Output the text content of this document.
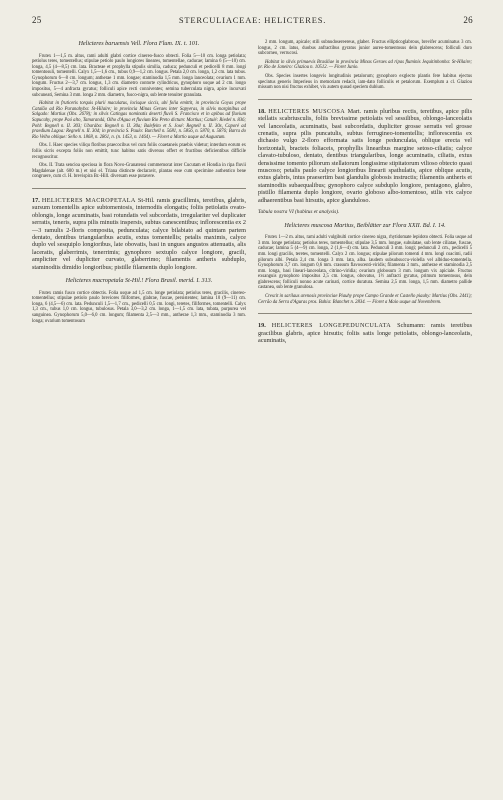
25	STERCULIACEAE: HELICTERES.	26

Helicteres baruensis Vell. Flora Flum. IX. t. 101.

Frutex 1—1,5 m. altus, rami adulti glabri cortice cinereo-fusco obtecti. Folia 5—10 cm. longa petiolata; petiolus teres, tomentellus; stipulae petiolo paulo longiores lineares, tomentellae, caducae; lamina 6 (5—10) cm. longa, 4,5 (4—8,5) cm. lata. Bracteae et prophylla stipulis similia, caduca; pedunculi et pedicelli 8 mm. longi tomentosuli, tomentelli. Calyx 1,5—1,6 cm., tubus 0,9—1,2 cm. longus. Petala 2,0 cm. longa, 1,2 cm. lata tubus. Gynophorum 6—8 cm. longum; antherae 1 mm. longae; staminodia 1,5 mm. longa lanceolata; ovarium 1 mm. longum. Fructus 2—3,7 cm. longus, 1,3 cm. diametro contorte cylindricus, gynophoro usque ad 2 cm. longo impositus, 5—4 anfracta gyratus; folliculi apice recti conniventes; semina tuberculata nigra, apice incurvati subcuneati, Semina 3 mm. longa 2 mm. diametro, fusco-nigra, sub lente tenuiter granulata.

Habitat in fruticetis torquis plurii maculatus, locisque siccis, ubi folia emittit, in provincia Goyas prope Catalão ad Rio Paranahyba: St-Hilaire; in provincia Minas Geraes inter Sapyeras, in silvis marginibus ad Salgado: Martius (Obs. 2678); in silvis Catingas nominatis deserti fluvii S. Francisco et in apibus ad fluvium Sapucahy, prope Paó alto, Tamarandá, Olho d'Agua et fluvium Rio Preto dictum: Martius; Catulé: Riedel n. 836; Pohl: Regnell n. II. 303; Ubarába: Regnell n. II. 30a; Balefeito et S. José: Regnell n. II. 30x, Caporé ad praedium Lagoa: Regnell n. II. 30d; in provincia S. Paulo: Burchell n. 5681, n. 5856, n. 5870, n. 5876; Barra do Rio Velho oblique: Sello n. 1868, n. 2861, n. (n. 1453, n. 1464). — Floret a Martio usque ad Augustum.

Obs. I. Haec species viliqu floribus praecocibus vel cum foliis coaetaneis praebis videtur; interdum eorum ex foliis sicris excepta foliis non emittit, tunc habitus satis diversus offert et fructibus deficientibus difficile recognoscitur.

Obs. II. Trata sencioa speciosa in flora Novo-Granatensi commemorat inter Cucutam et Hondia in ripa fluvii Magdalenae (alt. 600 m.) et nisi el. Triana distincte declaravit, plantas esse cum specimine authentico bene congruere, cum cl. H. brevispira Br.-Hill. diversam esse putavere.

17. HELICTERES MACROPETALA St-Hil. ramis gracillimis, teretibus, glabris, sursum tomentellis apice subtomentosis, internodiis elongatis; foliis petiolatis ovato-oblongis, longe acuminatis, basi rotundatis vel subcordatis, irregulariter vel duplicater serratis, teneris, supra pilis minutis inspersis, subtus canescentibus; inflorescentia ex 2—3 ramulis 2-floris composita, pedunculata; calyce bilabiato ad quintam partem dentato, dentibus triangularibus acutis, extus tomentellis; petalis maximis, calyce duplo vel sesquiplo longioribus, late obovatis, basi in ungues angustos attenuatis, alis laceratis, glaberrimis, tenerrimis; gynophoro sextuplo calyce longiore, gracili, ampliciter vel dupliciter curvato, glaberrimo; filamentis antheris subduplo, staminodiis dimidio longioribus; pistille filamentis duplo longiore.

Helicteres macropetala St-Hil.! Flora Brasil. merid. I. 313.

Frutex ramis fusco cortice obtectis. Folia usque ad 1,5 cm. longe petiolata; petiolus teres, gracilis, cinereo-tomentellus; stipulae petiolo paulo breviores filiformes, glabrae, fuscae, persistentes; lamina 10 (9—11) cm. longa, 6 (4,5—6) cm. lata. Pedunculi 1,5—1,7 cm., pedicelli 0,5 cm. longi, teretes, filiformes, tomentelli. Calyx 1,3 cm., tubus 1,0 cm. longus, tubulosus. Petala 3,0—3,2 cm. longa, 1—1,5 cm. lata, tubata, purpurea vel sanguinea. Gynophorum 5,0—6,0 cm. longum; filamenta 2,5—3 mm., antherae 1,3 mm., staminodia 3 mm. longa; ovarium tomentosum

2 mm. longum, apicale; stili subnudosereereus, glaber. Fructus ellipticoglabrous, brevifer acuminatus 3 cm. longus, 2 cm. latus, duobus anfractibus gyratus junior aureo-tomentosus dein glabrescens; folliculi duro subcorneo, verrucosi.

Habitat in silvis primaevis Brasiliae in provincia Minas Geraes ad ripas fluminis Jequitinhonha: St-Hilaire; pr. Rio de Janeiro: Glaziou n. 10512. — Floret Junio.

Obs. Species insertes longevis longitudinis petalorum; gynophoro exglecto plantis fere habitus ejectus specintus generis Imperieus in memoriam redacit, iam-dato folliculis et petalorum. Exemplum a cl. Glaziou missum non nisi fructus exhibet, vix autem quoad speciem dubium.

18. HELICTERES MUSCOSA Mart. ramis pluribus rectis, teretibus, apice pilis stellatis scabriusculis, foliis brevissime petiolatis vel sessilibus, oblongo-lanceolatis vel lanceolatis, acuminatis, basi subcordatis, dupliciter grosse serratis vel grosse crenatis, supra pilis puncatulis, subtus ferrugineo-tomentellis; inflorescentia ex dichasio vulgo 2-floro efformata satis longe pedunculata, oblique erecta vel horizontali, bracteis foliaceis, prophyllis linearibus margine setoso-ciliatis; calyce clavato-tubuloso, dentato, dentibus triangularibus, longe acuminatis, ciliatis, extus densissime tomento piliorum stellatorum longissime stipitatorum vilioso obtecto quasi muscoso; petalis paulo calyce longioribus linearii spathulatis, apice oblique acutis, extus glabris, intus praesertim basi glandulis globosis instructis; filamentis antheris et staminodiis subaequalibus; gynophoro calyce subduplo longiore, pentagono, glabro, pistillo filamenta duplo longiore, ovario globoso albo-tomentoso, stilis vix calyce adhaerentibus basi hirsutis, apice glanduloso.

Tabula nostra VI (habitus et analysis).

Helicteres muscosa Martius, Beiblätter zur Flora XXII. Bd. I. 14.

Frutex 1—2 m. altus, rami adulti vulgibulti cortice cinereo nigra, rhytidomate lepidoto obtecti. Folia usque ad 3 mm. longe petiolata; petiolus teres, tomentellus; stipulae 3,5 mm. longae, subulatae, sub lente ciliatae, fuscae, caducae; lamina 5 (4—9) cm. longa, 2 (1,6—4) cm. lata. Pedunculi 3 mm. longi; pedunculi 2 cm., pedicelli 5 mm. longi gracilis, teretes, tomentelli. Calyx 2 cm. longus; stipulae pilorum tomenti 4 mm. longi coacimi, radii pilorum albi. Petala 2,4 cm. longa 3 mm. lata, alba. laudem subsubsuccu-violella vel albiduo-tomentella. Gynophorum 3,7 cm. longum 0,6 mm. crassum flavoscenti-viridis; filamenta 3 mm., antherae et staminodia 2,5 mm. longa, basi lineari-lanceolata, citrino-viridia; ovarium globosum 3 mm. longum vix apiciale. Fructus exsanguis gynophoro impositus 2,5 cm. longus, obovatus, 1½ anfracti gyratus, primum tomentosus, dein glabrescens; folliculi nonno acute carinati, cortice duratura. Semina 2,5 mm. longa, 1,5 mm. diametro pallide castanea, sub lente granulosa.

Crescit in sarilaus arenosis provinciae Piauhy prope Campo Grande et Castello piauhy: Martius (Obs. 2441); Cerrão da Serra d'Aguras pros. Bahia: Blanchet n. 2834. — Floret a Maio usque ad Novembrem.

19. HELICTERES LONGEPEDUNCULATA Schumann: ramis teretibus gracilibus glabris, apice hirsutis; foliis satis longe petiolatis, oblongo-lanceolatis, acuminatis,
